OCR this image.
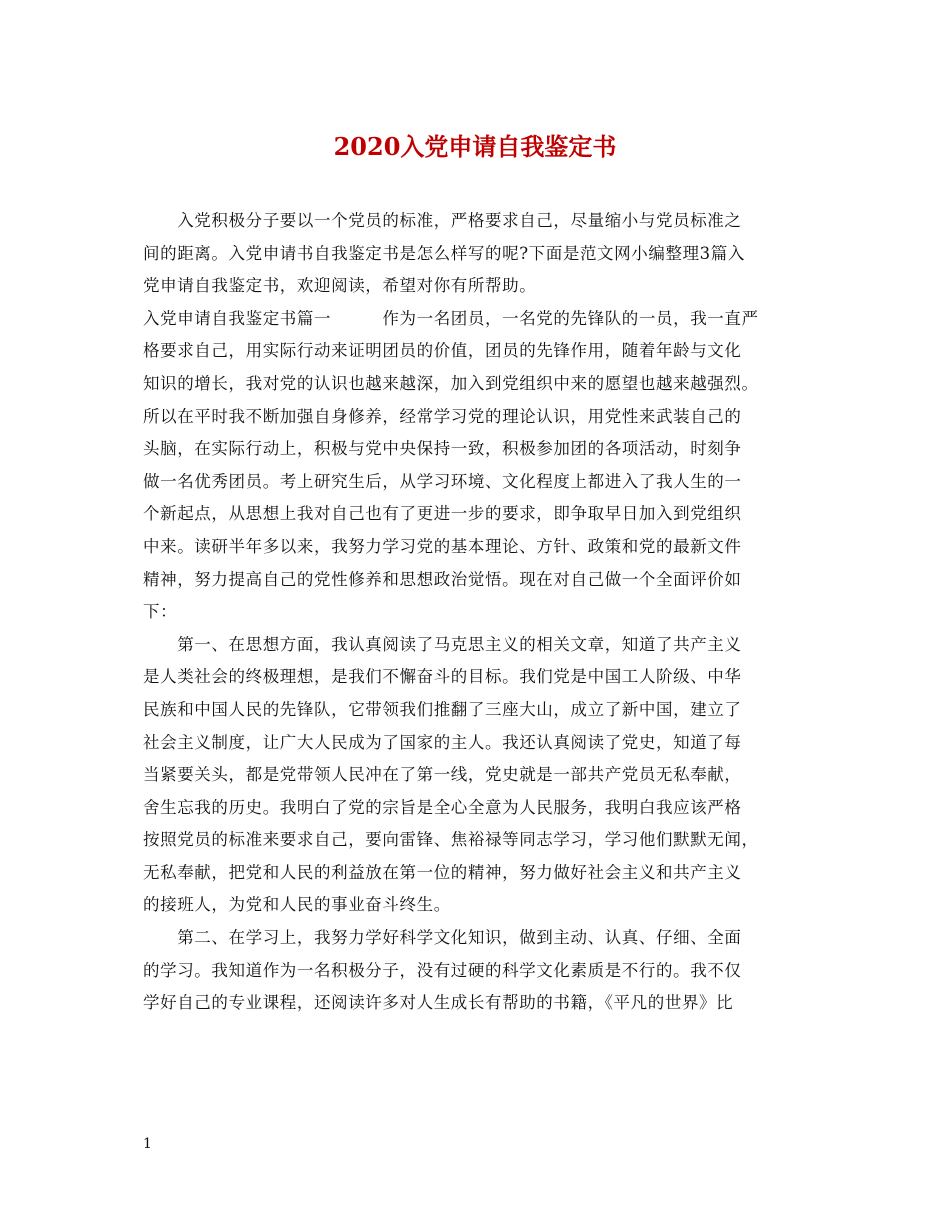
2020入党申请自我鉴定书
　　入党积极分子要以一个党员的标准，严格要求自己，尽量缩小与党员标准之
间的距离。入党申请书自我鉴定书是怎么样写的呢?下面是范文网小编整理3篇入
党申请自我鉴定书，欢迎阅读，希望对你有所帮助。
入党申请自我鉴定书篇一　　　作为一名团员，一名党的先锋队的一员，我一直严
格要求自己，用实际行动来证明团员的价值，团员的先锋作用，随着年龄与文化
知识的增长，我对党的认识也越来越深，加入到党组织中来的愿望也越来越强烈。
所以在平时我不断加强自身修养，经常学习党的理论认识，用党性来武装自己的
头脑，在实际行动上，积极与党中央保持一致，积极参加团的各项活动，时刻争
做一名优秀团员。考上研究生后，从学习环境、文化程度上都进入了我人生的一
个新起点，从思想上我对自己也有了更进一步的要求，即争取早日加入到党组织
中来。读研半年多以来，我努力学习党的基本理论、方针、政策和党的最新文件
精神，努力提高自己的党性修养和思想政治觉悟。现在对自己做一个全面评价如
下：
　　第一、在思想方面，我认真阅读了马克思主义的相关文章，知道了共产主义
是人类社会的终极理想，是我们不懈奋斗的目标。我们党是中国工人阶级、中华
民族和中国人民的先锋队，它带领我们推翻了三座大山，成立了新中国，建立了
社会主义制度，让广大人民成为了国家的主人。我还认真阅读了党史，知道了每
当紧要关头，都是党带领人民冲在了第一线，党史就是一部共产党员无私奉献，
舍生忘我的历史。我明白了党的宗旨是全心全意为人民服务，我明白我应该严格
按照党员的标准来要求自己，要向雷锋、焦裕禄等同志学习，学习他们默默无闻，
无私奉献，把党和人民的利益放在第一位的精神，努力做好社会主义和共产主义
的接班人，为党和人民的事业奋斗终生。
　　第二、在学习上，我努力学好科学文化知识，做到主动、认真、仔细、全面
的学习。我知道作为一名积极分子，没有过硬的科学文化素质是不行的。我不仅
学好自己的专业课程，还阅读许多对人生成长有帮助的书籍，《平凡的世界》比
1
